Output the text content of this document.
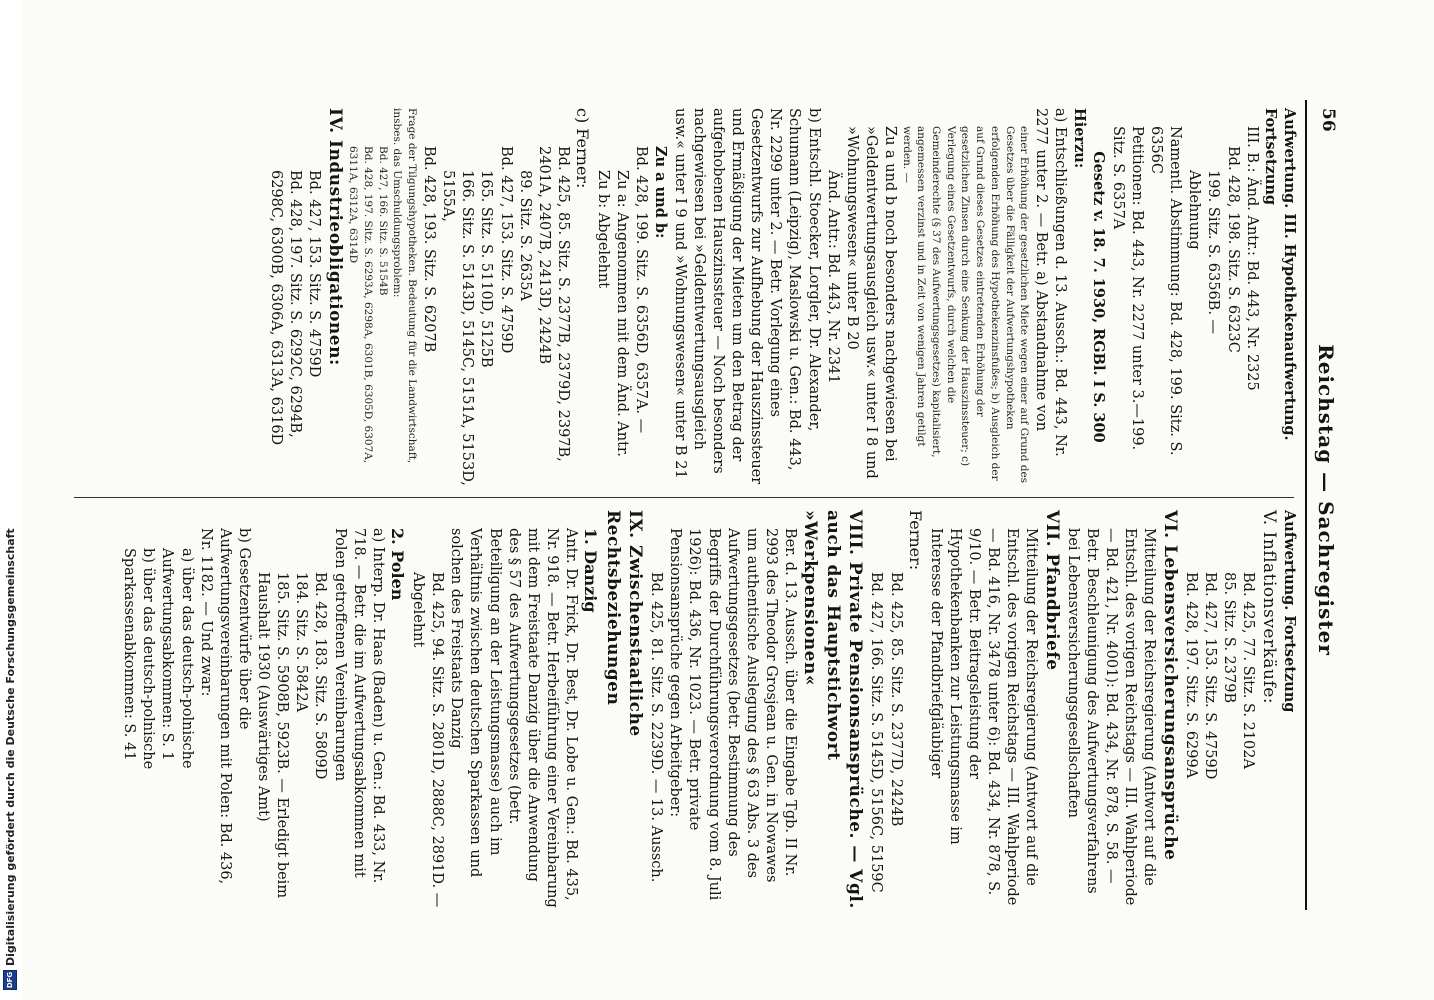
56
Reichstag — Sachregister

Aufwertung. III. Hypothekenaufwertung. Fortsetzung

III. B.: Änd. Antr.: Bd. 443, Nr. 2325

Bd. 428, 198. Sitz. S. 6323C

199. Sitz. S. 6356B. —

Ablehnung

Namentl. Abstimmung: Bd. 428, 199. Sitz. S. 6356C

Petitionen: Bd. 443, Nr. 2277 unter 3.—199. Sitz. S. 6357A

Gesetz v. 18. 7. 1930, RGBl. I S. 300

Hierzu:

a) Entschließungen d. 13. Aussch.: Bd. 443, Nr. 2277 unter 2. — Betr. a) Abstandnahme von

einer Erhöhung der gesetzlichen Miete wegen einer auf Grund des Gesetzes über die Fälligkeit der Aufwertungshypotheken erfolgenden Erhöhung des Hypothekenzinsfußes; b) Ausgleich der auf Grund dieses Gesetzes eintretenden Erhöhung der gesetzlichen Zinsen durch eine Senkung der Hauszinssteuer; c) Verlegung eines Gesetzentwurfs, durch welchen die Gemeinderechte (§ 37 des Aufwertungsgesetzes) kapitalisiert, angemessen verzinst und in Zeit von wenigen Jahren getilgt werden. —

Zu a und b noch besonders nachgewiesen bei »Geldentwertungsausgleich usw.« unter I 8 und »Wohnungswesen« unter B 20

Änd. Antr.: Bd. 443, Nr. 2341

b) Entschl. Stoecker, Lorgler, Dr. Alexander, Schumann (Leipzig), Maslowski u. Gen.: Bd. 443, Nr. 2299 unter 2. — Betr. Vorlegung eines Gesetzentwurfs zur Aufhebung der Hauszinssteuer und Ermäßigung der Mieten um den Betrag der aufgehobenen Hauszinssteuer — Noch besonders nachgewiesen bei »Geldentwertungsausgleich usw.« unter I 9 und »Wohnungswesen« unter B 21

Zu a und b:

Bd. 428, 199. Sitz. S. 6356D, 6357A. —

Zu a: Angenommen mit dem Änd. Antr.

Zu b: Abgelehnt

c) Ferner:

Bd. 425, 85. Sitz. S. 2377B, 2379D, 2397B, 2401A, 2407B, 2413D, 2424B

89. Sitz. S. 2635A

Bd. 427, 153. Sitz. S. 4759D

165. Sitz. S. 5110D, 5125B

166. Sitz. S. 5143D, 5145C, 5151A, 5153D, 5155A,

Bd. 428, 193. Sitz. S. 6207B

Frage der Tilgungshypotheken. Bedeutung für die Landwirtschaft, insbes. das Umschuldungsproblem:

Bd. 427, 166. Sitz. S. 5154B

Bd. 428, 197. Sitz. S. 6293A, 6298A, 6301B, 6305D, 6307A, 6311A, 6312A, 6314D

IV. Industrieobligationen:

Bd. 427, 153. Sitz. S. 4759D

Bd. 428, 197. Sitz. S. 6292C, 6294B, 6298C, 6300B, 6306A, 6313A, 6316D

Aufwertung. Fortsetzung

V. Inflationsverkäufe:

Bd. 425, 77. Sitz. S. 2102A

85. Sitz. S. 2379B

Bd. 427, 153. Sitz. S. 4759D

Bd. 428, 197. Sitz. S. 6299A

VI. Lebensversicherungsansprüche

Mitteilung der Reichsregierung (Antwort auf die Entschl. des vorigen Reichstags — III. Wahlperiode — Bd. 421, Nr. 4001): Bd. 434, Nr. 878, S. 58. — Betr. Beschleunigung des Aufwertungsverfahrens bei Lebensversicherungsgesellschaften

VII. Pfandbriefe

Mitteilung der Reichsregierung (Antwort auf die Entschl. des vorigen Reichstags — III. Wahlperiode — Bd. 416, Nr. 3478 unter 6): Bd. 434, Nr. 878, S. 9/10. — Betr. Beitragsleistung der Hypothekenbanken zur Leistungsmasse im Interesse der Pfandbriefgläubiger

Ferner:

Bd. 425, 85. Sitz. S. 2377D, 2424B

Bd. 427, 166. Sitz. S. 5145D, 5156C, 5159C

VIII. Private Pensionsansprüche. — Vgl. auch das Hauptstichwort »Werkpensionen«

Ber. d. 13. Aussch. über die Eingabe Tgb. II Nr. 2993 des Theodor Grosjean u. Gen. in Nowawes um authentische Auslegung des § 63 Abs. 3 des Aufwertungsgesetzes (betr. Bestimmung des Begriffs der Durchführungsverordnung vom 8. Juli 1926): Bd. 436, Nr. 1023. — Betr. private Pensionsansprüche gegen Arbeitgeber:

Bd. 425, 81. Sitz. S. 2239D. — 13. Aussch.

IX. Zwischenstaatliche Rechtsbeziehungen

1. Danzig

Antr. Dr. Frick, Dr. Best, Dr. Lobe u. Gen.: Bd. 435, Nr. 918. — Betr. Herbeiführung einer Vereinbarung mit dem Freistaate Danzig über die Anwendung des § 57 des Aufwertungsgesetzes (betr. Beteiligung an der Leistungsmasse) auch im Verhältnis zwischen deutschen Sparkassen und solchen des Freistaats Danzig

Bd. 425, 94. Sitz. S. 2801D, 2888C, 2891D. — Abgelehnt

2. Polen

a) Interp. Dr. Haas (Baden) u. Gen.: Bd. 433, Nr. 718. — Betr. die im Aufwertungsabkommen mit Polen getroffenen Vereinbarungen

Bd. 428, 183. Sitz. S. 5809D

184. Sitz. S. 5842A

185. Sitz. S. 5908B, 5923B. — Erledigt beim Haushalt 1930 (Auswärtiges Amt)

b) Gesetzentwürfe über die Aufwertungsvereinbarungen mit Polen: Bd. 436, Nr. 1182. — Und zwar:

a) über das deutsch-polnische Aufwertungsabkommen: S. 1

b) über das deutsch-polnische Sparkassenabkommen: S. 41

DFG
Digitalisierung gefördert durch die Deutsche Forschungsgemeinschaft
